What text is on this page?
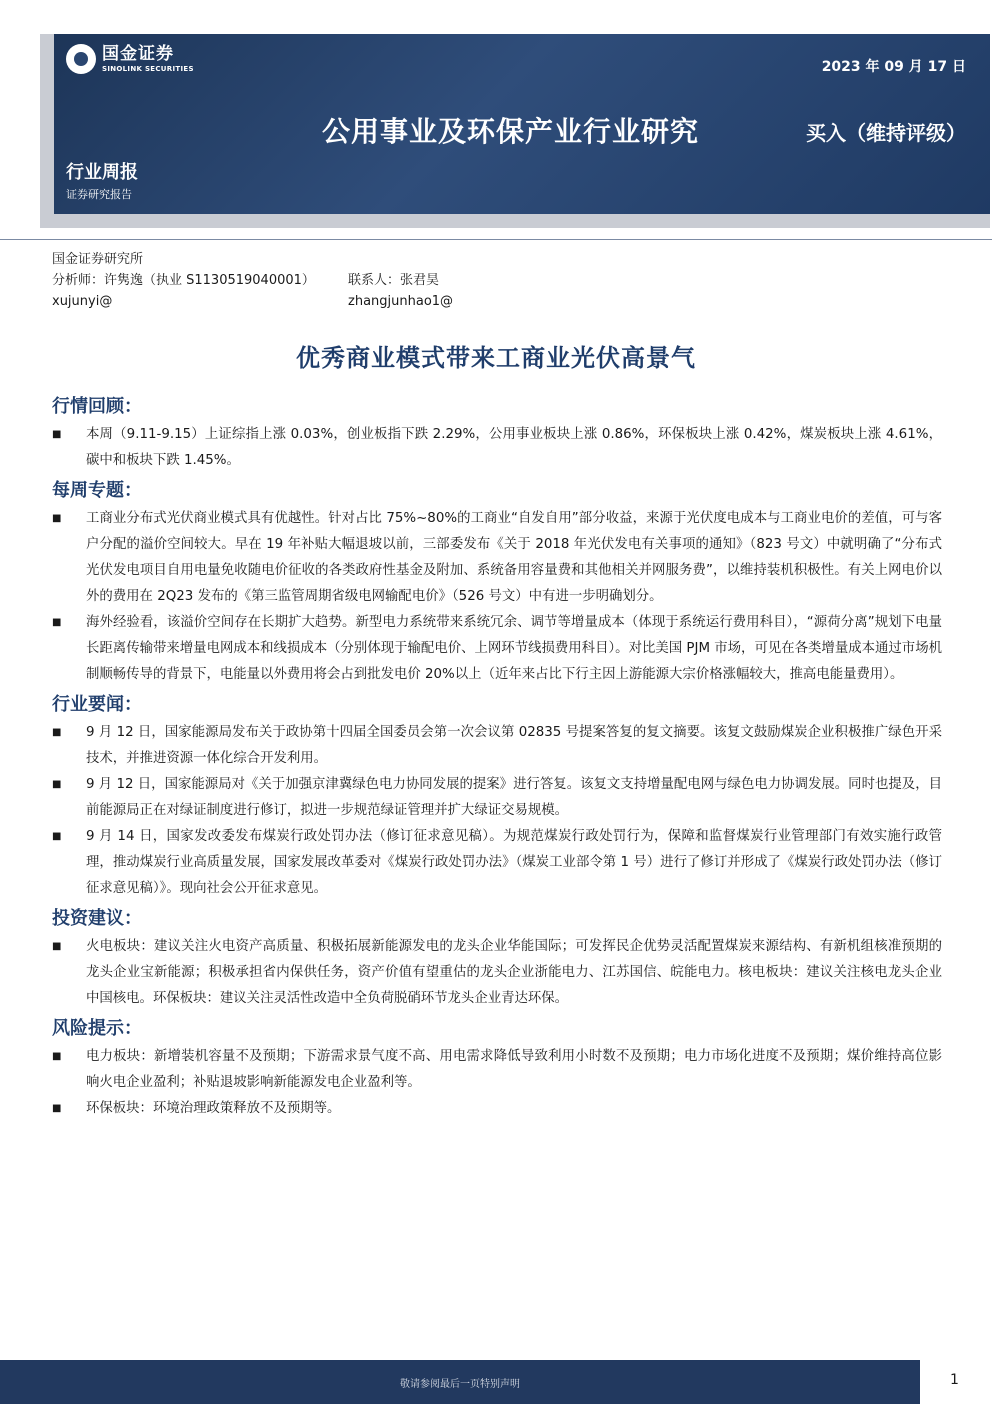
国金证券
SINOLINK SECURITIES	2023 年 09 月 17 日
公用事业及环保产业行业研究	买入（维持评级）
行业周报
证券研究报告
国金证券研究所
分析师：许隽逸（执业 S1130519040001）	联系人：张君昊
xujunyi@	zhangjunhao1@
优秀商业模式带来工商业光伏高景气
行情回顾：
■	本周（9.11-9.15）上证综指上涨 0.03%，创业板指下跌 2.29%，公用事业板块上涨 0.86%，环保板块上涨 0.42%，煤炭板块上涨 4.61%，碳中和板块下跌 1.45%。
每周专题：
■	工商业分布式光伏商业模式具有优越性。针对占比 75%~80%的工商业“自发自用”部分收益，来源于光伏度电成本与工商业电价的差值，可与客户分配的溢价空间较大。早在 19 年补贴大幅退坡以前，三部委发布《关于 2018 年光伏发电有关事项的通知》（823 号文）中就明确了“分布式光伏发电项目自用电量免收随电价征收的各类政府性基金及附加、系统备用容量费和其他相关并网服务费”，以维持装机积极性。有关上网电价以外的费用在 2Q23 发布的《第三监管周期省级电网输配电价》（526 号文）中有进一步明确划分。
■	海外经验看，该溢价空间存在长期扩大趋势。新型电力系统带来系统冗余、调节等增量成本（体现于系统运行费用科目），“源荷分离”规划下电量长距离传输带来增量电网成本和线损成本（分别体现于输配电价、上网环节线损费用科目）。对比美国 PJM 市场，可见在各类增量成本通过市场机制顺畅传导的背景下，电能量以外费用将会占到批发电价 20%以上（近年来占比下行主因上游能源大宗价格涨幅较大，推高电能量费用）。
行业要闻：
■	9 月 12 日，国家能源局发布关于政协第十四届全国委员会第一次会议第 02835 号提案答复的复文摘要。该复文鼓励煤炭企业积极推广绿色开采技术，并推进资源一体化综合开发利用。
■	9 月 12 日，国家能源局对《关于加强京津冀绿色电力协同发展的提案》进行答复。该复文支持增量配电网与绿色电力协调发展。同时也提及，目前能源局正在对绿证制度进行修订，拟进一步规范绿证管理并扩大绿证交易规模。
■	9 月 14 日，国家发改委发布煤炭行政处罚办法（修订征求意见稿）。为规范煤炭行政处罚行为，保障和监督煤炭行业管理部门有效实施行政管理，推动煤炭行业高质量发展，国家发展改革委对《煤炭行政处罚办法》（煤炭工业部令第 1 号）进行了修订并形成了《煤炭行政处罚办法（修订征求意见稿）》。现向社会公开征求意见。
投资建议：
■	火电板块：建议关注火电资产高质量、积极拓展新能源发电的龙头企业华能国际；可发挥民企优势灵活配置煤炭来源结构、有新机组核准预期的龙头企业宝新能源；积极承担省内保供任务，资产价值有望重估的龙头企业浙能电力、江苏国信、皖能电力。核电板块：建议关注核电龙头企业中国核电。环保板块：建议关注灵活性改造中全负荷脱硝环节龙头企业青达环保。
风险提示：
■	电力板块：新增装机容量不及预期；下游需求景气度不高、用电需求降低导致利用小时数不及预期；电力市场化进度不及预期；煤价维持高位影响火电企业盈利；补贴退坡影响新能源发电企业盈利等。
■	环保板块：环境治理政策释放不及预期等。
敬请参阅最后一页特别声明	1
